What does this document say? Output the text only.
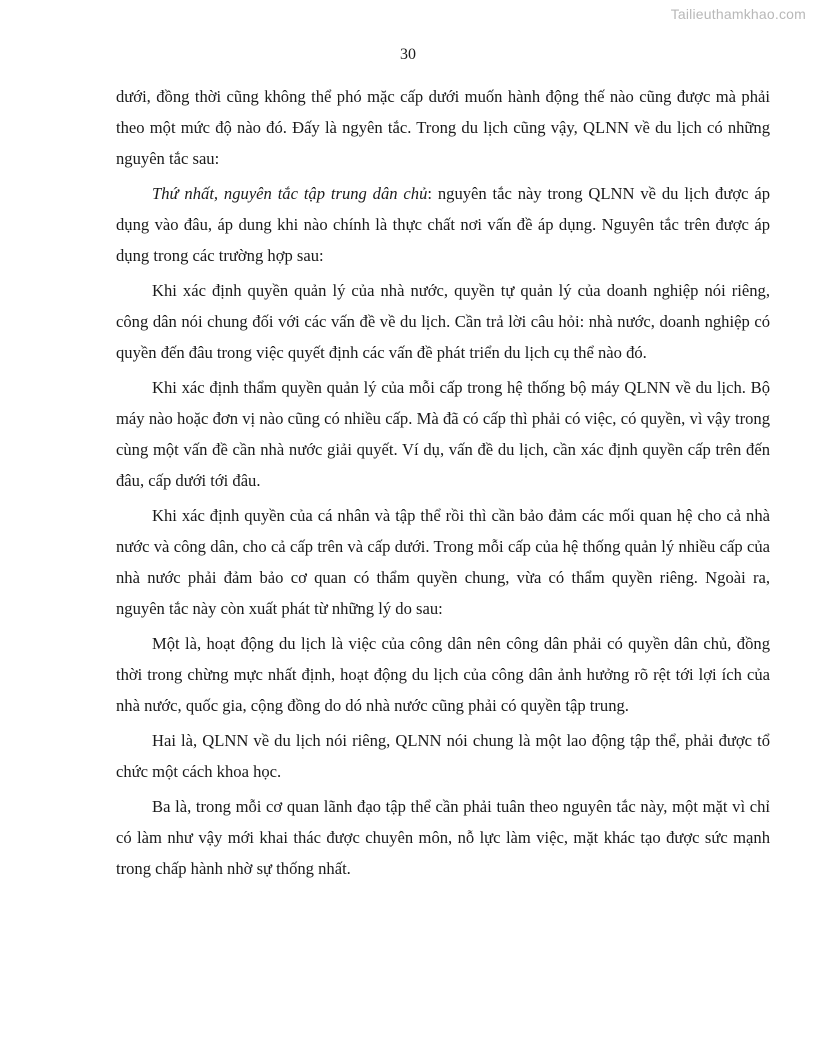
Tailieuthamkhao.com
30

dưới, đồng thời cũng không thể phó mặc cấp dưới muốn hành động thế nào cũng được mà phải theo một mức độ nào đó. Đấy là ngyên tắc. Trong du lịch cũng vậy, QLNN về du lịch có những nguyên tắc sau:

Thứ nhất, nguyên tắc tập trung dân chủ: nguyên tắc này trong QLNN về du lịch được áp dụng vào đâu, áp dung khi nào chính là thực chất nơi vấn đề áp dụng. Nguyên tắc trên được áp dụng trong các trường hợp sau:

Khi xác định quyền quản lý của nhà nước, quyền tự quản lý của doanh nghiệp nói riêng, công dân nói chung đối với các vấn đề về du lịch. Cần trả lời câu hỏi: nhà nước, doanh nghiệp có quyền đến đâu trong việc quyết định các vấn đề phát triển du lịch cụ thể nào đó.

Khi xác định thẩm quyền quản lý của mỗi cấp trong hệ thống bộ máy QLNN về du lịch. Bộ máy nào hoặc đơn vị nào cũng có nhiều cấp. Mà đã có cấp thì phải có việc, có quyền, vì vậy trong cùng một vấn đề cần nhà nước giải quyết. Ví dụ, vấn đề du lịch, cần xác định quyền cấp trên đến đâu, cấp dưới tới đâu.

Khi xác định quyền của cá nhân và tập thể rồi thì cần bảo đảm các mối quan hệ cho cả nhà nước và công dân, cho cả cấp trên và cấp dưới. Trong mỗi cấp của hệ thống quản lý nhiều cấp của nhà nước phải đảm bảo cơ quan có thẩm quyền chung, vừa có thẩm quyền riêng. Ngoài ra, nguyên tắc này còn xuất phát từ những lý do sau:

Một là, hoạt động du lịch là việc của công dân nên công dân phải có quyền dân chủ, đồng thời trong chừng mực nhất định, hoạt động du lịch của công dân ảnh hưởng rõ rệt tới lợi ích của nhà nước, quốc gia, cộng đồng do dó nhà nước cũng phải có quyền tập trung.

Hai là, QLNN về du lịch nói riêng, QLNN nói chung là một lao động tập thể, phải được tổ chức một cách khoa học.

Ba là, trong mỗi cơ quan lãnh đạo tập thể cần phải tuân theo nguyên tắc này, một mặt vì chỉ có làm như vậy mới khai thác được chuyên môn, nỗ lực làm việc, mặt khác tạo được sức mạnh trong chấp hành nhờ sự thống nhất.
